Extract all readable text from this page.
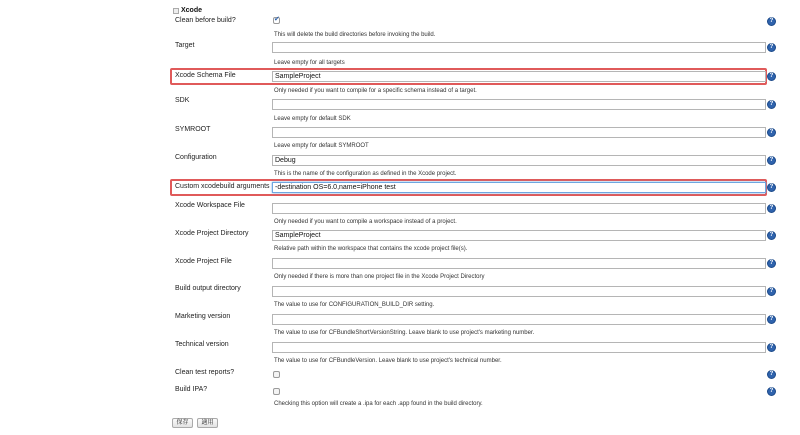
Xcode
Clean before build?
✔	?
This will delete the build directories before invoking the build.
Target	?
Leave empty for all targets
Xcode Schema File	SampleProject	?
Only needed if you want to compile for a specific schema instead of a target.
SDK	?
Leave empty for default SDK
SYMROOT	?
Leave empty for default SYMROOT
Configuration	Debug	?
This is the name of the configuration as defined in the Xcode project.
Custom xcodebuild arguments -destination OS=6.0,name=iPhone test	?
Xcode Workspace File	?
Only needed if you want to compile a workspace instead of a project.
Xcode Project Directory	SampleProject	?
Relative path within the workspace that contains the xcode project file(s).
Xcode Project File	?
Only needed if there is more than one project file in the Xcode Project Directory
Build output directory	?
The value to use for CONFIGURATION_BUILD_DIR setting.
Marketing version	?
The value to use for CFBundleShortVersionString. Leave blank to use project's marketing number.
Technical version	?
The value to use for CFBundleVersion. Leave blank to use project's technical number.
Clean test reports?	?
Build IPA?	?
Checking this option will create a .ipa for each .app found in the build directory.
保存	適用
